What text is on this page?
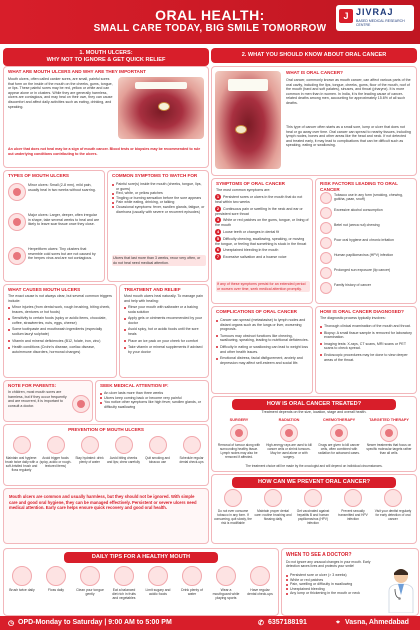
ORAL HEALTH:
SMALL CARE TODAY, BIG SMILE TOMORROW
J JIVRAJ
BASED MEDICAL RESEARCH CENTRE
1. MOUTH ULCERS:
WHY NOT TO IGNORE & GET QUICK RELIEF
WHAT ARE MOUTH ULCERS AND WHY ARE THEY IMPORTANT
Mouth ulcers, often called canker sores, are small, painful sores that form on the inside of the mouth on the cheeks, gums, tongue, or lips. These painful sores may be red, yellow or white and can appear alone or in clusters. While they are generally harmless, ulcers are contagious, and may heal on their own, they can cause discomfort and affect daily activities such as eating, drinking, and speaking.
An ulcer that does not heal may be a sign of mouth cancer. Blood tests or biopsies may be recommended to rule out underlying conditions contributing to the ulcers.
TYPES OF MOUTH ULCERS
Minor ulcers: Small (2-8 mm), mild pain, usually heal in two weeks without scarring.
Major ulcers: Larger, deeper, often irregular in shape, take several weeks to heal and are likely to leave scar tissue once they close.
Herpetiform ulcers: Tiny clusters that resemble cold sores but are not caused by the herpes virus and are not contagious.
COMMON SYMPTOMS TO WATCH FOR
Painful sore(s) inside the mouth (cheeks, tongue, lips, or gums)
Red, white, or yellow patches
Tingling or burning sensation before the sore appears
Pain while eating, drinking, or talking
Occasional symptoms: fever, swollen glands, fatigue, or diarrhoea (usually with severe or recurrent episodes)
Ulcers that last more than 3 weeks, recur very often, or do not heal need medical attention.
WHAT CAUSES MOUTH ULCERS
The exact cause is not always clear, but several common triggers include:
Minor injuries (from dental work, rough brushing, biting cheek, braces, dentures or hot foods)
Sensitivity to certain foods (spicy or acidic items, chocolate, coffee, strawberries, nuts, eggs, cheese)
Some toothpaste and mouthwash ingredients (especially sodium lauryl sulphate)
Vitamin and mineral deficiencies (B12, folate, iron, zinc)
Health conditions (Crohn's disease, coeliac disease, autoimmune disorders, hormonal changes)
TREATMENT AND RELIEF
Most mouth ulcers heal naturally. To manage pain and help with healing:
Rinse your mouth with saltwater or a baking soda solution
Apply gels or ointments recommended by your doctor
Avoid spicy, hot or acidic foods until the sore heals
Place an ice pack on your cheek for comfort
Take vitamin or mineral supplements if advised by your doctor
NOTE FOR PARENTS:
In children, most mouth sores are harmless, but if they occur frequently and are recurrent, it is important to consult a doctor.
SEEK MEDICAL ATTENTION IF:
An ulcer lasts more than three weeks
Ulcers keep coming back or become very painful
You notice other symptoms like high fever, swollen glands, or difficulty swallowing
PREVENTION OF MOUTH ULCERS
Maintain oral hygiene: brush twice daily with a soft-bristled brush and floss regularly
Avoid trigger foods (spicy, acidic or rough-textured items)
Stay hydrated: drink plenty of water
Avoid biting cheeks and lips; chew carefully
Quit smoking and tobacco use
Schedule regular dental check-ups
Mouth ulcers are common and usually harmless, but they should not be ignored. With simple care and good oral hygiene, they can be managed effectively. Persistent or severe ulcers need medical attention. Early care helps ensure quick recovery and good oral health.
2. WHAT YOU SHOULD KNOW ABOUT ORAL CANCER
WHAT IS ORAL CANCER?
Oral cancer, commonly known as mouth cancer, can affect various parts of the oral cavity, including the lips, tongue, cheeks, gums, floor of the mouth, roof of the mouth (hard and soft palates), sinuses, and throat (pharynx). It is more common in men than in women. In India, it is the leading cause of cancer-related deaths among men, accounting for approximately 15.6% of all such deaths.
This type of cancer often starts as a small sore, lump or ulcer that does not heal or go away over time. Oral cancer can spread to nearby tissues, including lymph nodes, bones and other areas like the head and neck. If not detected and treated early, it may lead to complications that can be difficult such as speaking, eating or swallowing.
SYMPTOMS OF ORAL CANCER
The most common symptoms are:
1 Persistent sores or ulcers in the mouth that do not heal within two weeks
2 Continuous pain or swelling in the neck and ear or persistent sore throat
3 White or red patches on the gums, tongue, or lining of the mouth
4 Loose teeth or changes in dental fit
5 Difficulty chewing, swallowing, speaking, or moving the tongue, or feeling that something is stuck in the throat
6 Unexplained bleeding in the mouth
7 Excessive salivation and a hoarse voice
If any of these symptoms persist for an extended period or worsen over time, seek medical attention promptly.
RISK FACTORS LEADING TO ORAL CANCER
Tobacco use in any form (smoking, chewing, gutkha, paan, snuff)
Excessive alcohol consumption
Betel nut (areca nut) chewing
Poor oral hygiene and chronic irritation
Human papillomavirus (HPV) infection
Prolonged sun exposure (lip cancer)
Family history of cancer
COMPLICATIONS OF ORAL CANCER
Cancer can spread (metastasise) to lymph nodes and distant organs such as the lungs or liver, worsening prognosis.
Tumours may obstruct functions like chewing, swallowing, speaking, leading to nutritional deficiencies.
Difficulty in eating or swallowing can lead to weight loss and other health issues.
Emotional distress, facial disfigurement, anxiety and depression may affect self-esteem and social life.
HOW IS ORAL CANCER DIAGNOSED?
The diagnostic process typically involves:
Thorough clinical examination of the mouth and throat.
Biopsy: A small tissue sample is removed for laboratory examination.
Imaging tests: X-rays, CT scans, MRI scans or PET scans to check spread.
Endoscopic procedures may be done to view deeper areas of the throat.
HOW IS ORAL CANCER TREATED?
Treatment depends on the size, location, stage and overall health.
SURGERY
Removal of tumour along with surrounding healthy tissue. Lymph nodes may also be removed if affected.
RADIATION
High-energy rays are used to kill cancer cells or shrink tumours. May be used alone or with surgery.
CHEMOTHERAPY
Drugs are given to kill cancer cells, often combined with radiation for advanced cases.
TARGETED THERAPY
Newer treatments that focus on specific molecular targets rather than all cells.
The treatment choice will be made by the oncologist and will depend on individual circumstances.
HOW CAN WE PREVENT ORAL CANCER?
Do not ever consume tobacco in any form. If consuming, quit slowly, the risk is modifiable
Maintain proper dental care: routine brushing and flossing daily
Get vaccinated against hepatitis B and human papillomavirus (HPV) infection
Prevent sexually transmitted and HPV infection
Visit your dentist regularly for early detection of oral cancer
DAILY TIPS FOR A HEALTHY MOUTH
Brush twice daily	Floss daily	Clean your tongue gently
Eat a balanced diet rich in fruits and vegetables
Limit sugary and acidic foods
Drink plenty of water
Wear a mouthguard while playing sports
Have regular dental check-ups
WHEN TO SEE A DOCTOR?
Do not ignore any unusual changes in your mouth. Early detection saves lives and protects your smile!
Persistent sore or ulcer (> 3 weeks)
White or red patches
Pain, swelling or difficulty in swallowing
Unexplained bleeding
Any lump or thickening in the mouth or neck
◷ OPD-Monday to Saturday | 9:00 AM to 5:00 PM	✆ 6357188191	⌖ Vasna, Ahmedabad
